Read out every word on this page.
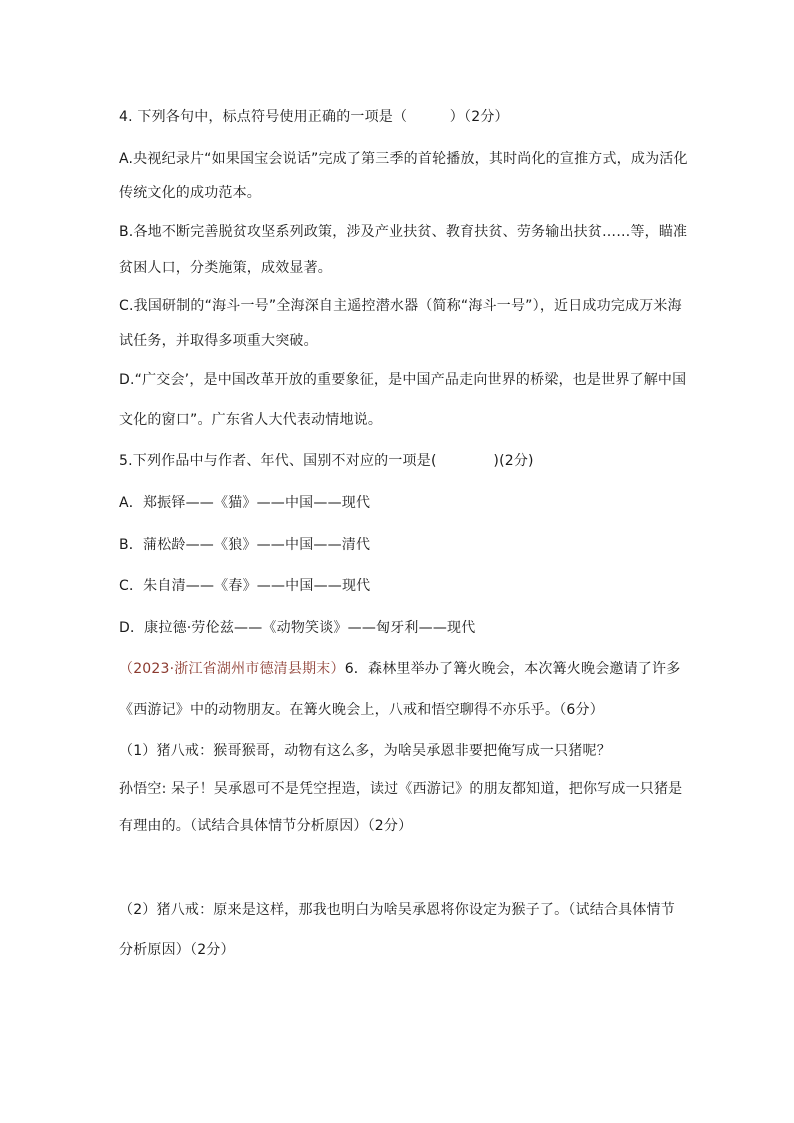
4. 下列各句中，标点符号使用正确的一项是（　　　）（2分）
A.央视纪录片“如果国宝会说话”完成了第三季的首轮播放，其时尚化的宣推方式，成为活化
传统文化的成功范本。
B.各地不断完善脱贫攻坚系列政策，涉及产业扶贫、教育扶贫、劳务输出扶贫……等，瞄准
贫困人口，分类施策，成效显著。
C.我国研制的“海斗一号”全海深自主遥控潜水器（简称“海斗一号”），近日成功完成万米海
试任务，并取得多项重大突破。
D.“广交会’，是中国改革开放的重要象征，是中国产品走向世界的桥梁，也是世界了解中国
文化的窗口”。广东省人大代表动情地说。
5.下列作品中与作者、年代、国别不对应的一项是(　　　　)(2分)
A．郑振铎——《猫》——中国——现代
B．蒲松龄——《狼》——中国——清代
C．朱自清——《春》——中国——现代
D．康拉德·劳伦兹——《动物笑谈》——匈牙利——现代
（2023·浙江省湖州市德清县期末）6．森林里举办了篝火晚会，本次篝火晚会邀请了许多
《西游记》中的动物朋友。在篝火晚会上，八戒和悟空聊得不亦乐乎。（6分）
（1）猪八戒：猴哥猴哥，动物有这么多，为啥吴承恩非要把俺写成一只猪呢？
孙悟空: 呆子！吴承恩可不是凭空捏造，读过《西游记》的朋友都知道，把你写成一只猪是
有理由的。（试结合具体情节分析原因）（2分）
（2）猪八戒：原来是这样，那我也明白为啥吴承恩将你设定为猴子了。（试结合具体情节
分析原因）（2分）
